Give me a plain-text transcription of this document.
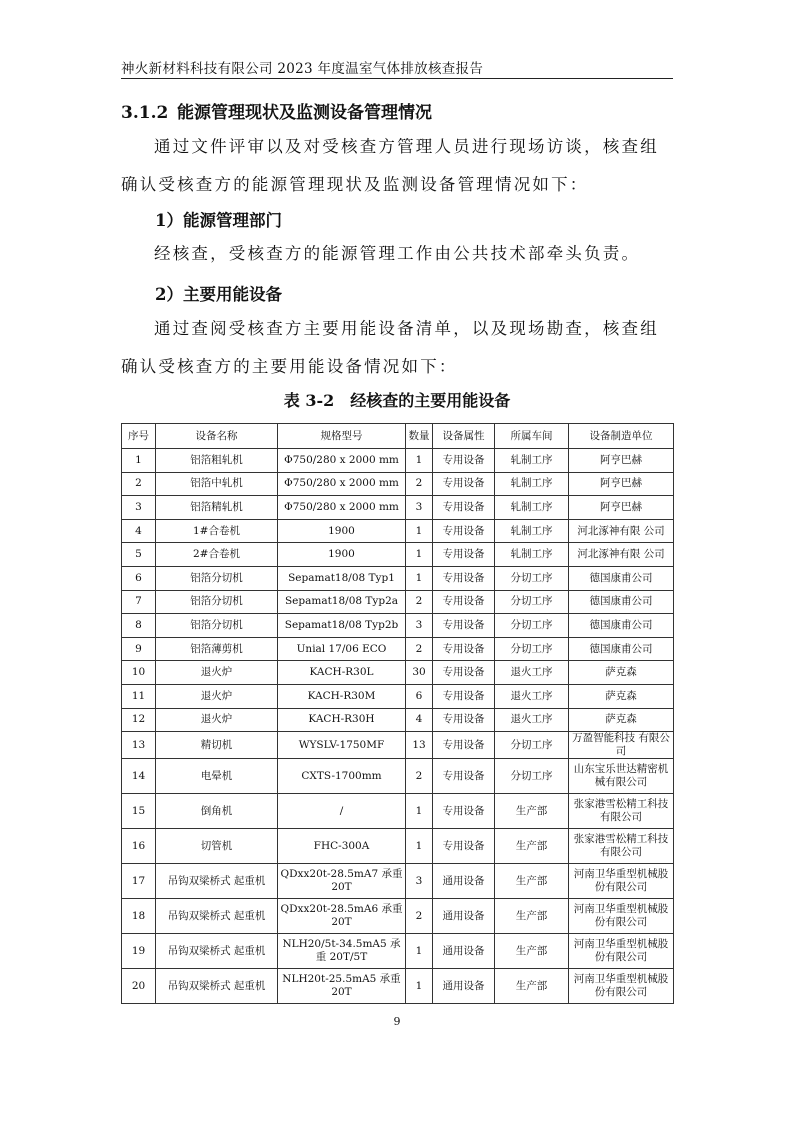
神火新材料科技有限公司 2023 年度温室气体排放核查报告
3.1.2 能源管理现状及监测设备管理情况
通过文件评审以及对受核查方管理人员进行现场访谈，核查组确认受核查方的能源管理现状及监测设备管理情况如下：
1）能源管理部门
经核查，受核查方的能源管理工作由公共技术部牵头负责。
2）主要用能设备
通过查阅受核查方主要用能设备清单，以及现场勘查，核查组确认受核查方的主要用能设备情况如下：
表 3-2　经核查的主要用能设备
序号	设备名称	规格型号	数量	设备属性	所属车间	设备制造单位
1	铝箔粗轧机	Φ750/280 x 2000 mm	1	专用设备	轧制工序	阿亨巴赫
2	铝箔中轧机	Φ750/280 x 2000 mm	2	专用设备	轧制工序	阿亨巴赫
3	铝箔精轧机	Φ750/280 x 2000 mm	3	专用设备	轧制工序	阿亨巴赫
4	1#合卷机	1900	1	专用设备	轧制工序	河北涿神有限 公司
5	2#合卷机	1900	1	专用设备	轧制工序	河北涿神有限 公司
6	铝箔分切机	Sepamat18/08 Typ1	1	专用设备	分切工序	德国康甫公司
7	铝箔分切机	Sepamat18/08 Typ2a	2	专用设备	分切工序	德国康甫公司
8	铝箔分切机	Sepamat18/08 Typ2b	3	专用设备	分切工序	德国康甫公司
9	铝箔薄剪机	Unial 17/06 ECO	2	专用设备	分切工序	德国康甫公司
10	退火炉	KACH-R30L	30	专用设备	退火工序	萨克森
11	退火炉	KACH-R30M	6	专用设备	退火工序	萨克森
12	退火炉	KACH-R30H	4	专用设备	退火工序	萨克森
13	精切机	WYSLV-1750MF	13	专用设备	分切工序	万盈智能科技 有限公司
14	电晕机	CXTS-1700mm	2	专用设备	分切工序	山东宝乐世达精密机械有限公司
15	倒角机	/	1	专用设备	生产部	张家港雪松精工科技有限公司
16	切管机	FHC-300A	1	专用设备	生产部	张家港雪松精工科技有限公司
17	吊钩双梁桥式 起重机	QDxx20t-28.5mA7 承重 20T	3	通用设备	生产部	河南卫华重型机械股份有限公司
18	吊钩双梁桥式 起重机	QDxx20t-28.5mA6 承重 20T	2	通用设备	生产部	河南卫华重型机械股份有限公司
19	吊钩双梁桥式 起重机	NLH20/5t-34.5mA5 承重 20T/5T	1	通用设备	生产部	河南卫华重型机械股份有限公司
20	吊钩双梁桥式 起重机	NLH20t-25.5mA5 承重 20T	1	通用设备	生产部	河南卫华重型机械股份有限公司
9
